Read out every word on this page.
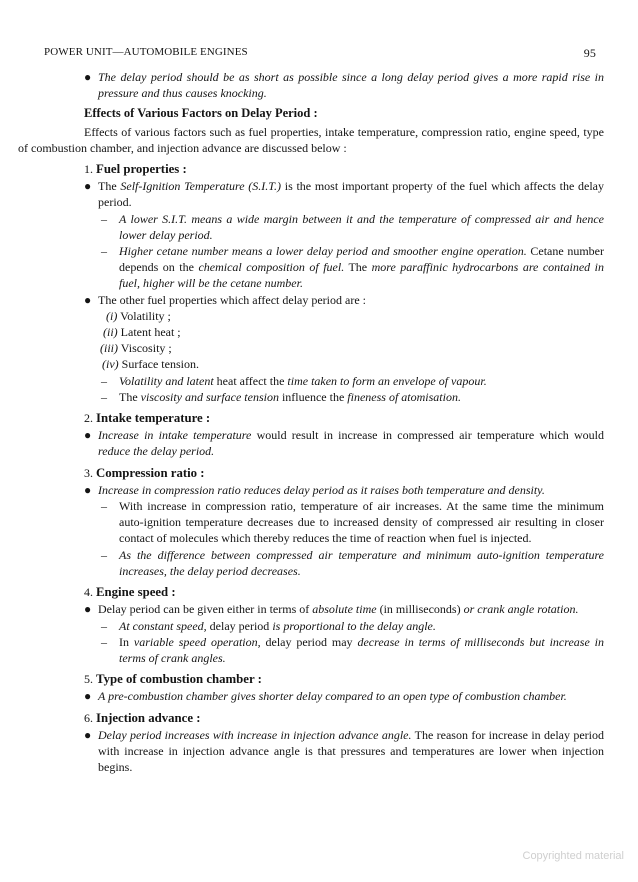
POWER UNIT—AUTOMOBILE ENGINES	95

● The delay period should be as short as possible since a long delay period gives a more rapid rise in pressure and thus causes knocking.

Effects of Various Factors on Delay Period :

Effects of various factors such as fuel properties, intake temperature, compression ratio, engine speed, type of combustion chamber, and injection advance are discussed below :

1. Fuel properties :

● The Self-Ignition Temperature (S.I.T.) is the most important property of the fuel which affects the delay period.

– A lower S.I.T. means a wide margin between it and the temperature of compressed air and hence lower delay period.

– Higher cetane number means a lower delay period and smoother engine operation. Cetane number depends on the chemical composition of fuel. The more paraffinic hydrocarbons are contained in fuel, higher will be the cetane number.

● The other fuel properties which affect delay period are :

(i) Volatility ;

(ii) Latent heat ;

(iii) Viscosity ;

(iv) Surface tension.

– Volatility and latent heat affect the time taken to form an envelope of vapour.

– The viscosity and surface tension influence the fineness of atomisation.

2. Intake temperature :

● Increase in intake temperature would result in increase in compressed air temperature which would reduce the delay period.

3. Compression ratio :

● Increase in compression ratio reduces delay period as it raises both temperature and density.

– With increase in compression ratio, temperature of air increases. At the same time the minimum auto-ignition temperature decreases due to increased density of compressed air resulting in closer contact of molecules which thereby reduces the time of reaction when fuel is injected.

– As the difference between compressed air temperature and minimum auto-ignition temperature increases, the delay period decreases.

4. Engine speed :

● Delay period can be given either in terms of absolute time (in milliseconds) or crank angle rotation.

– At constant speed, delay period is proportional to the delay angle.

– In variable speed operation, delay period may decrease in terms of milliseconds but increase in terms of crank angles.

5. Type of combustion chamber :

● A pre-combustion chamber gives shorter delay compared to an open type of combustion chamber.

6. Injection advance :

● Delay period increases with increase in injection advance angle. The reason for increase in delay period with increase in injection advance angle is that pressures and temperatures are lower when injection begins.

Copyrighted material
